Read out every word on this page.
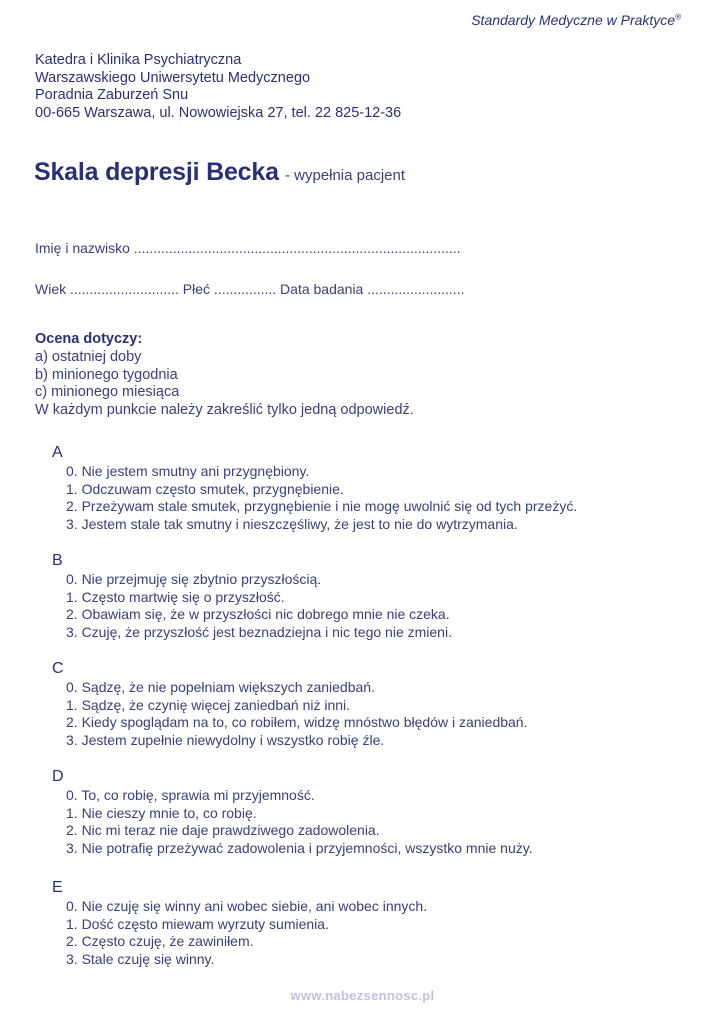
Standardy Medyczne w Praktyce®
Katedra i Klinika Psychiatryczna
Warszawskiego Uniwersytetu Medycznego
Poradnia Zaburzeń Snu
00-665 Warszawa, ul. Nowowiejska 27, tel. 22 825-12-36
Skala depresji Becka - wypełnia pacjent
Imię i nazwisko ....................................................................................
Wiek ............................ Płeć ................ Data badania .........................
Ocena dotyczy:
a) ostatniej doby
b) minionego tygodnia
c) minionego miesiąca
W każdym punkcie należy zakreślić tylko jedną odpowiedź.
A
0. Nie jestem smutny ani przygnębiony.
1. Odczuwam często smutek, przygnębienie.
2. Przeżywam stale smutek, przygnębienie i nie mogę uwolnić się od tych przeżyć.
3. Jestem stale tak smutny i nieszczęśliwy, że jest to nie do wytrzymania.
B
0. Nie przejmuję się zbytnio przyszłością.
1. Często martwię się o przyszłość.
2. Obawiam się, że w przyszłości nic dobrego mnie nie czeka.
3. Czuję, że przyszłość jest beznadziejna i nic tego nie zmieni.
C
0. Sądzę, że nie popełniam większych zaniedbań.
1. Sądzę, że czynię więcej zaniedbań niż inni.
2. Kiedy spoglądam na to, co robiłem, widzę mnóstwo błędów i zaniedbań.
3. Jestem zupełnie niewydolny i wszystko robię źle.
D
0. To, co robię, sprawia mi przyjemność.
1. Nie cieszy mnie to, co robię.
2. Nic mi teraz nie daje prawdziwego zadowolenia.
3. Nie potrafię przeżywać zadowolenia i przyjemności, wszystko mnie nuży.
E
0. Nie czuję się winny ani wobec siebie, ani wobec innych.
1. Dość często miewam wyrzuty sumienia.
2. Często czuję, że zawiniłem.
3. Stale czuję się winny.
www.nabezsennosc.pl
